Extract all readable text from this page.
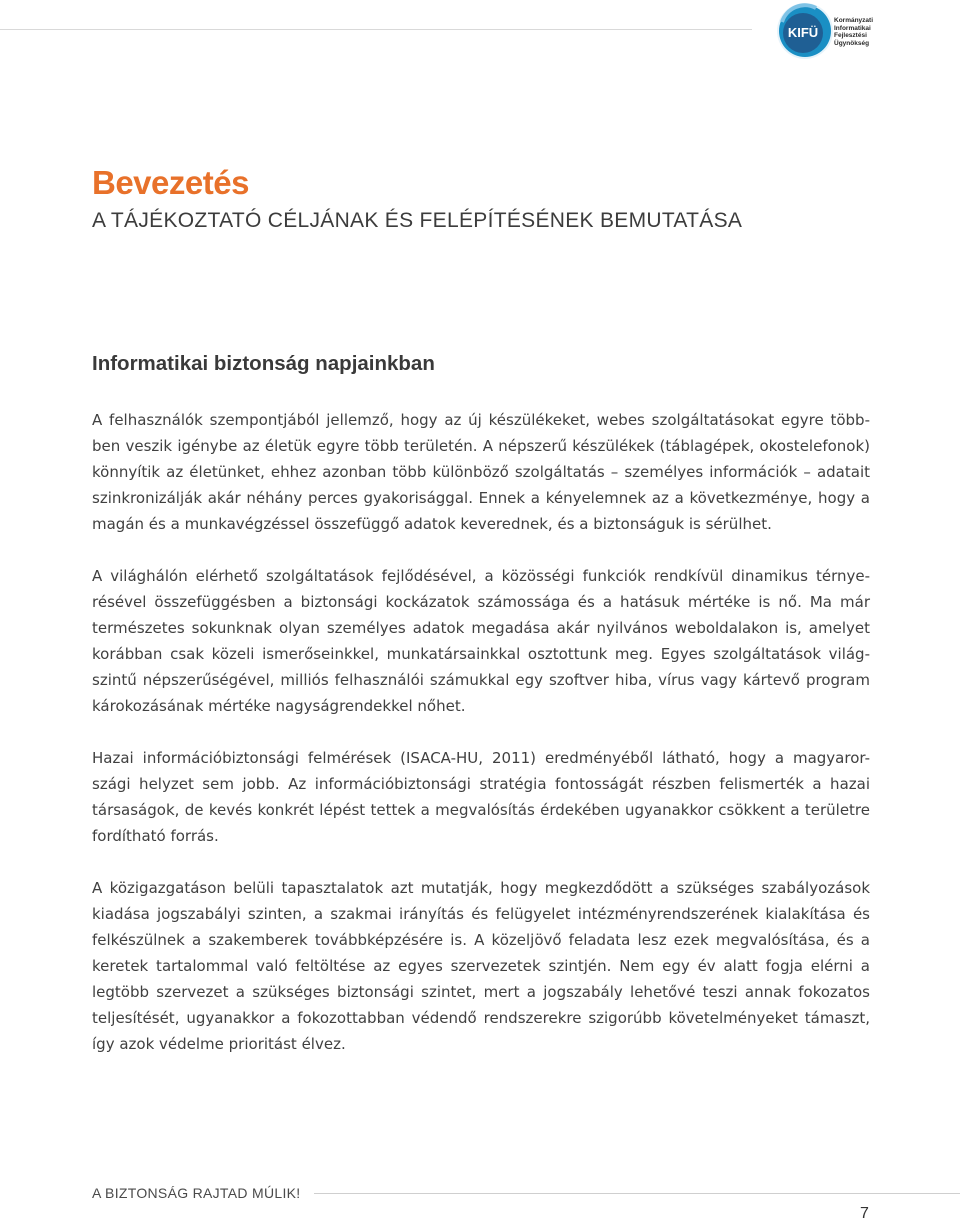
KIFÜ
Kormányzati
Informatikai
Fejlesztési
Ügynökség
Bevezetés
A TÁJÉKOZTATÓ CÉLJÁNAK ÉS FELÉPÍTÉSÉNEK BEMUTATÁSA
Informatikai biztonság napjainkban

A felhasználók szempontjából jellemző, hogy az új készülékeket, webes szolgáltatásokat egyre több-ben veszik igénybe az életük egyre több területén. A népszerű készülékek (táblagépek, okostelefonok) könnyítik az életünket, ehhez azonban több különböző szolgáltatás – személyes információk – adatait szinkronizálják akár néhány perces gyakorisággal. Ennek a kényelemnek az a következménye, hogy a magán és a munkavégzéssel összefüggő adatok keverednek, és a biztonságuk is sérülhet.

A világhálón elérhető szolgáltatások fejlődésével, a közösségi funkciók rendkívül dinamikus térnye-résével összefüggésben a biztonsági kockázatok számossága és a hatásuk mértéke is nő. Ma már természetes sokunknak olyan személyes adatok megadása akár nyilvános weboldalakon is, amelyet korábban csak közeli ismerőseinkkel, munkatársainkkal osztottunk meg. Egyes szolgáltatások világ-szintű népszerűségével, milliós felhasználói számukkal egy szoftver hiba, vírus vagy kártevő program károkozásának mértéke nagyságrendekkel nőhet.

Hazai információbiztonsági felmérések (ISACA-HU, 2011) eredményéből látható, hogy a magyaror-szági helyzet sem jobb. Az információbiztonsági stratégia fontosságát részben felismerték a hazai társaságok, de kevés konkrét lépést tettek a megvalósítás érdekében ugyanakkor csökkent a területre fordítható forrás.

A közigazgatáson belüli tapasztalatok azt mutatják, hogy megkezdődött a szükséges szabályozások kiadása jogszabályi szinten, a szakmai irányítás és felügyelet intézményrendszerének kialakítása és felkészülnek a szakemberek továbbképzésére is. A közeljövő feladata lesz ezek megvalósítása, és a keretek tartalommal való feltöltése az egyes szervezetek szintjén. Nem egy év alatt fogja elérni a legtöbb szervezet a szükséges biztonsági szintet, mert a jogszabály lehetővé teszi annak fokozatos teljesítését, ugyanakkor a fokozottabban védendő rendszerekre szigorúbb követelményeket támaszt, így azok védelme prioritást élvez.

A BIZTONSÁG RAJTAD MÚLIK!

7
